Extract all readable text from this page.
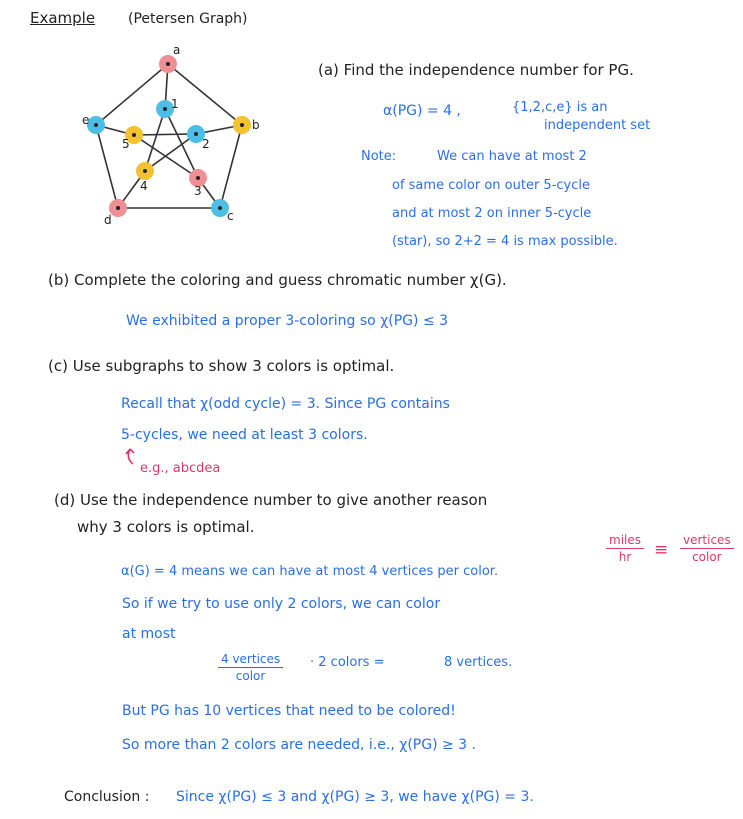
Example (Petersen Graph)
a
b
c
d
e
1
2
3
4
5
(a) Find the independence number for PG.
α(PG) = 4 ,	{1,2,c,e} is an
independent set
Note:	We can have at most 2
of same color on outer 5-cycle
and at most 2 on inner 5-cycle
(star), so 2+2 = 4 is max possible.
(b) Complete the coloring and guess chromatic number χ(G).
We exhibited a proper 3-coloring so χ(PG) ≤ 3
(c) Use subgraphs to show 3 colors is optimal.
Recall that χ(odd cycle) = 3. Since PG contains
5-cycles, we need at least 3 colors.
e.g., abcdea
(d) Use the independence number to give another reason
why 3 colors is optimal.
miles
hr	≡ vertices
color
α(G) = 4 means we can have at most 4 vertices per color.
So if we try to use only 2 colors, we can color
at most
4 vertices
color
· 2 colors =	8 vertices.
But PG has 10 vertices that need to be colored!
So more than 2 colors are needed, i.e., χ(PG) ≥ 3 .
Conclusion : Since χ(PG) ≤ 3 and χ(PG) ≥ 3, we have χ(PG) = 3.
